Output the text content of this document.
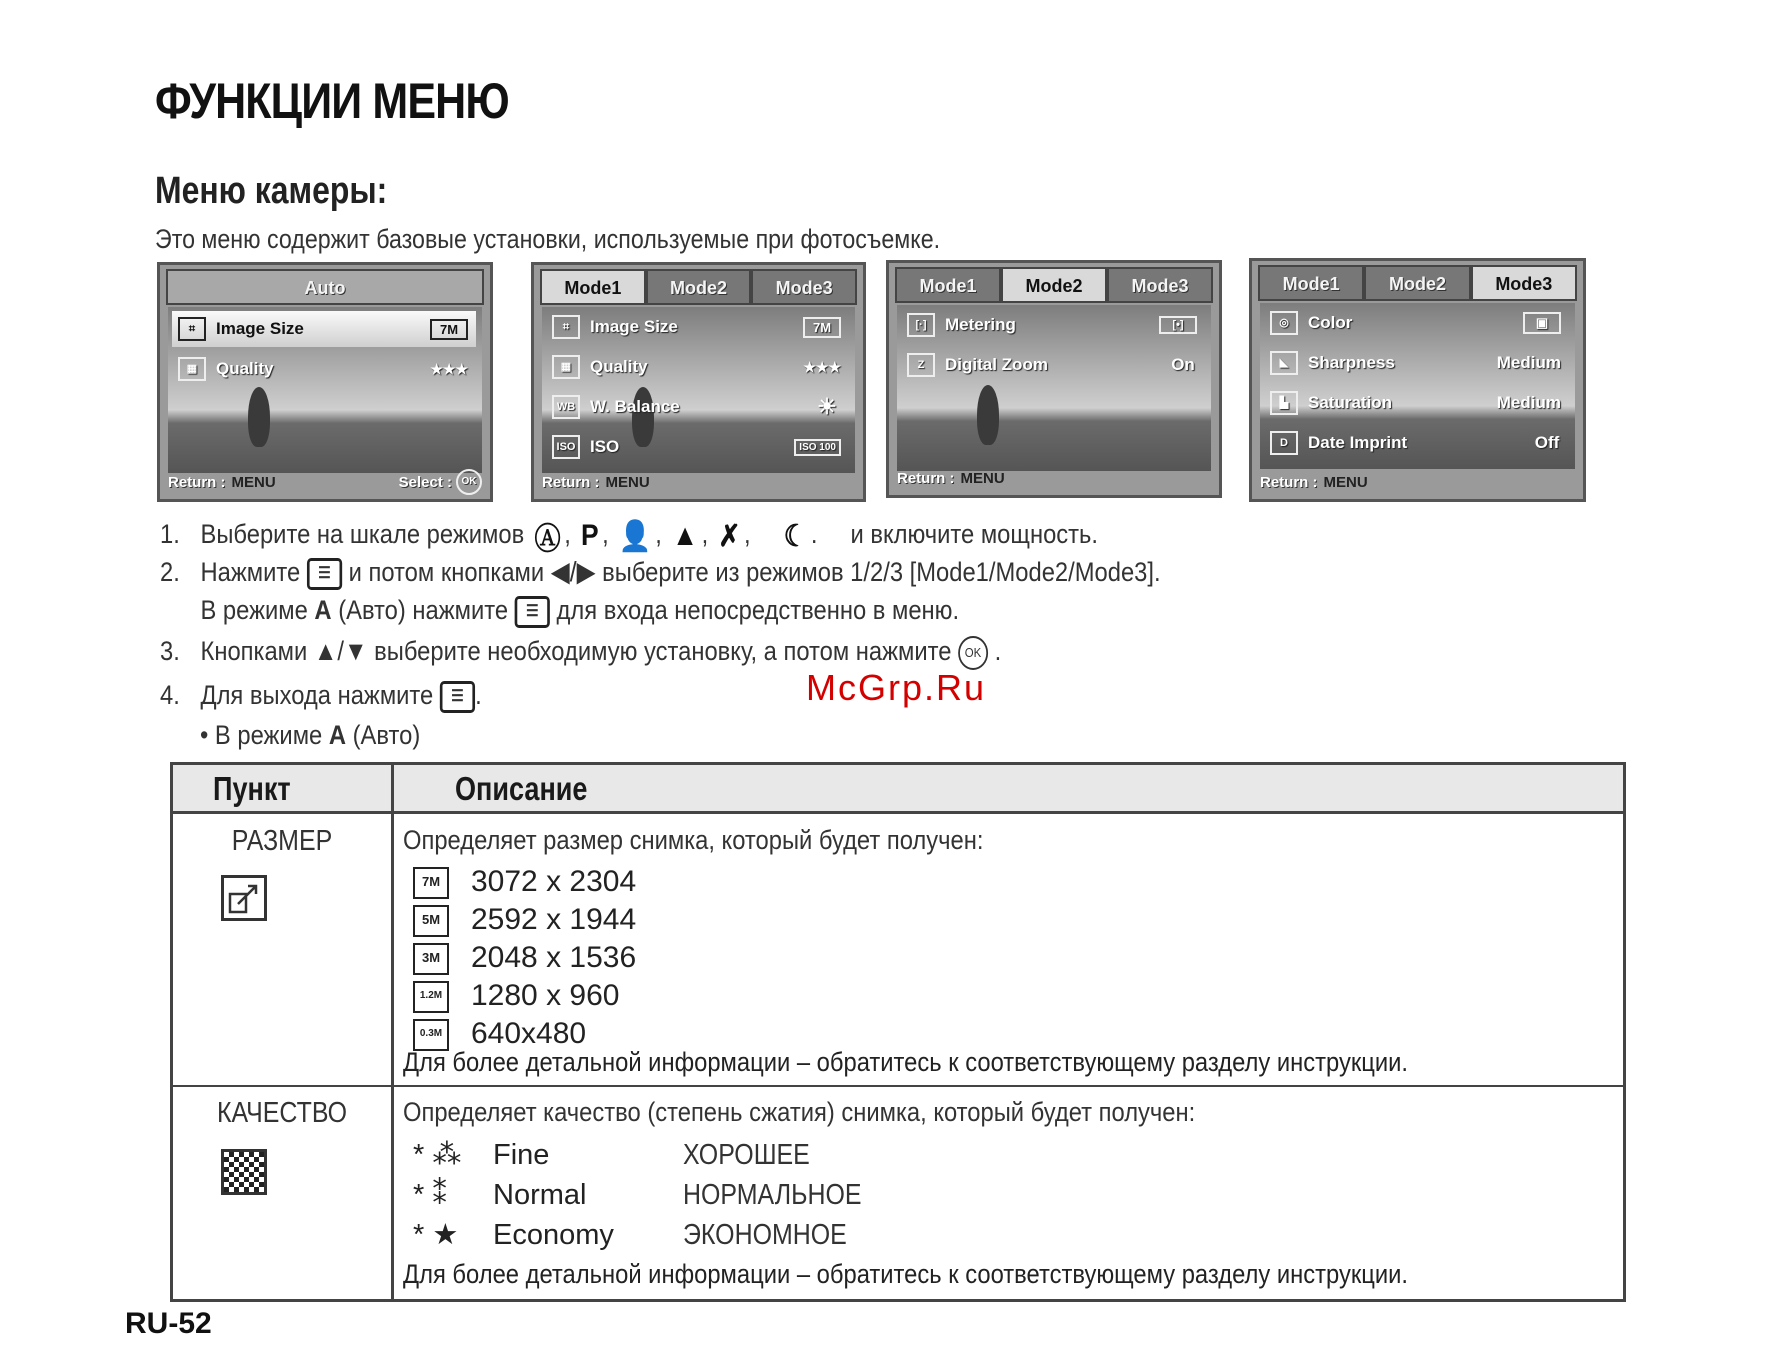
ФУНКЦИИ МЕНЮ
Меню камеры:
Это меню содержит базовые установки, используемые при фотосъемке.
Auto
⌗	Image Size	7M
▦	Quality	★★★
Return : MENU	Select : OK
Mode1	Mode2	Mode3
⌗	Image Size	7M
▦	Quality	★★★
WB W. Balance	☀
ISO ISO	ISO 100
Return : MENU
Mode1	Mode2	Mode3
[·]	Metering	[•]
Z	Digital Zoom	On
Return : MENU
Mode1	Mode2	Mode3
◎	Color	▣
◣	Sharpness	Medium
▙	Saturation	Medium
D	Date Imprint	Off
Return : MENU
1. Выберите на шкале режимов Ⓐ , P , 👤 , ▲ , ✗ , ☾ . и включите мощность.
2. Нажмите ☰ и потом кнопками ◀/▶ выберите из режимов 1/2/3 [Mode1/Mode2/Mode3].
В режиме A (Авто) нажмите ☰ для входа непосредственно в меню.
3. Кнопками ▲/▼ выберите необходимую установку, а потом нажмите OK .
4. Для выхода нажмите ☰ .
• В режиме A (Авто)
McGrp.Ru
Пункт	Описание
РАЗМЕР	Определяет размер снимка, который будет получен:
7M 3072 x 2304
5M 2592 x 1944
3M 2048 x 1536
1.2M 1280 x 960
0.3M 640x480
Для более детальной информации – обратитесь к соответствующему разделу инструкции.
КАЧЕСТВО	Определяет качество (степень сжатия) снимка, который будет получен:
* ⁂ Fine	ХОРОШЕЕ
* ⁑ Normal	НОРМАЛЬНОЕ
* ★ Economy ЭКОНОМНОЕ
Для более детальной информации – обратитесь к соответствующему разделу инструкции.
RU-52
